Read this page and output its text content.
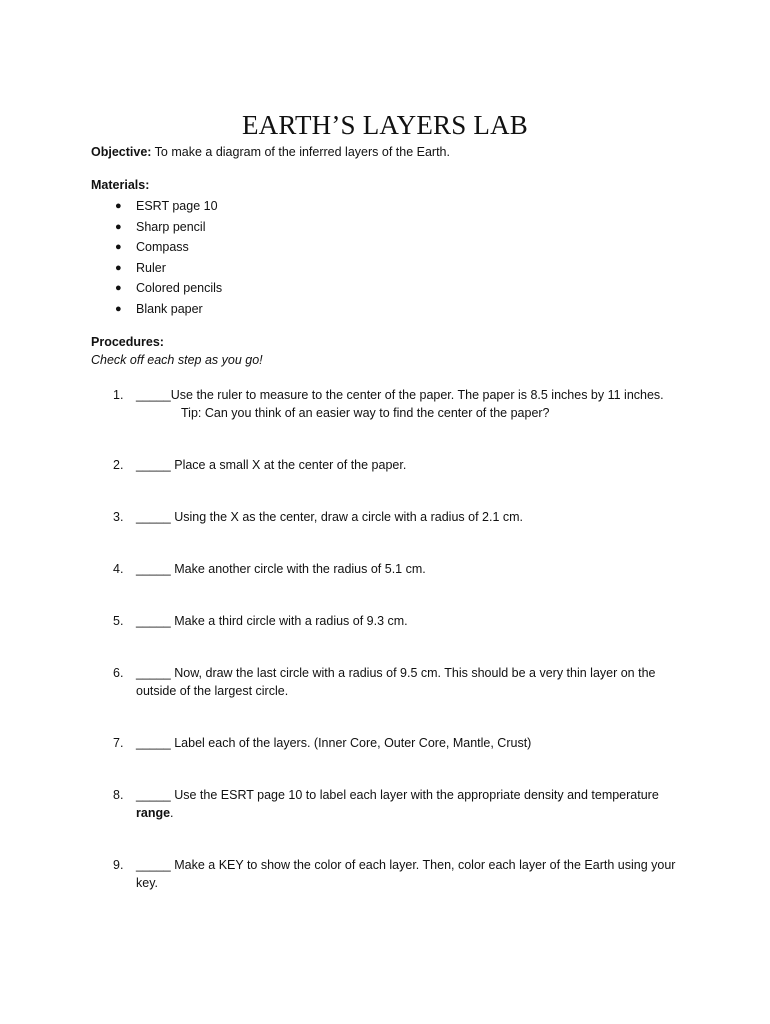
EARTH’S LAYERS LAB
Objective: To make a diagram of the inferred layers of the Earth.
Materials:
● ESRT page 10
● Sharp pencil
● Compass
● Ruler
● Colored pencils
● Blank paper
Procedures:
Check off each step as you go!
1. _____Use the ruler to measure to the center of the paper. The paper is 8.5 inches by 11 inches.
Tip: Can you think of an easier way to find the center of the paper?
2. _____ Place a small X at the center of the paper.
3. _____ Using the X as the center, draw a circle with a radius of 2.1 cm.
4. _____ Make another circle with the radius of 5.1 cm.
5. _____ Make a third circle with a radius of 9.3 cm.
6. _____ Now, draw the last circle with a radius of 9.5 cm. This should be a very thin layer on the outside of the largest circle.
7. _____ Label each of the layers. (Inner Core, Outer Core, Mantle, Crust)
8. _____ Use the ESRT page 10 to label each layer with the appropriate density and temperature range.
9. _____ Make a KEY to show the color of each layer. Then, color each layer of the Earth using your key.
